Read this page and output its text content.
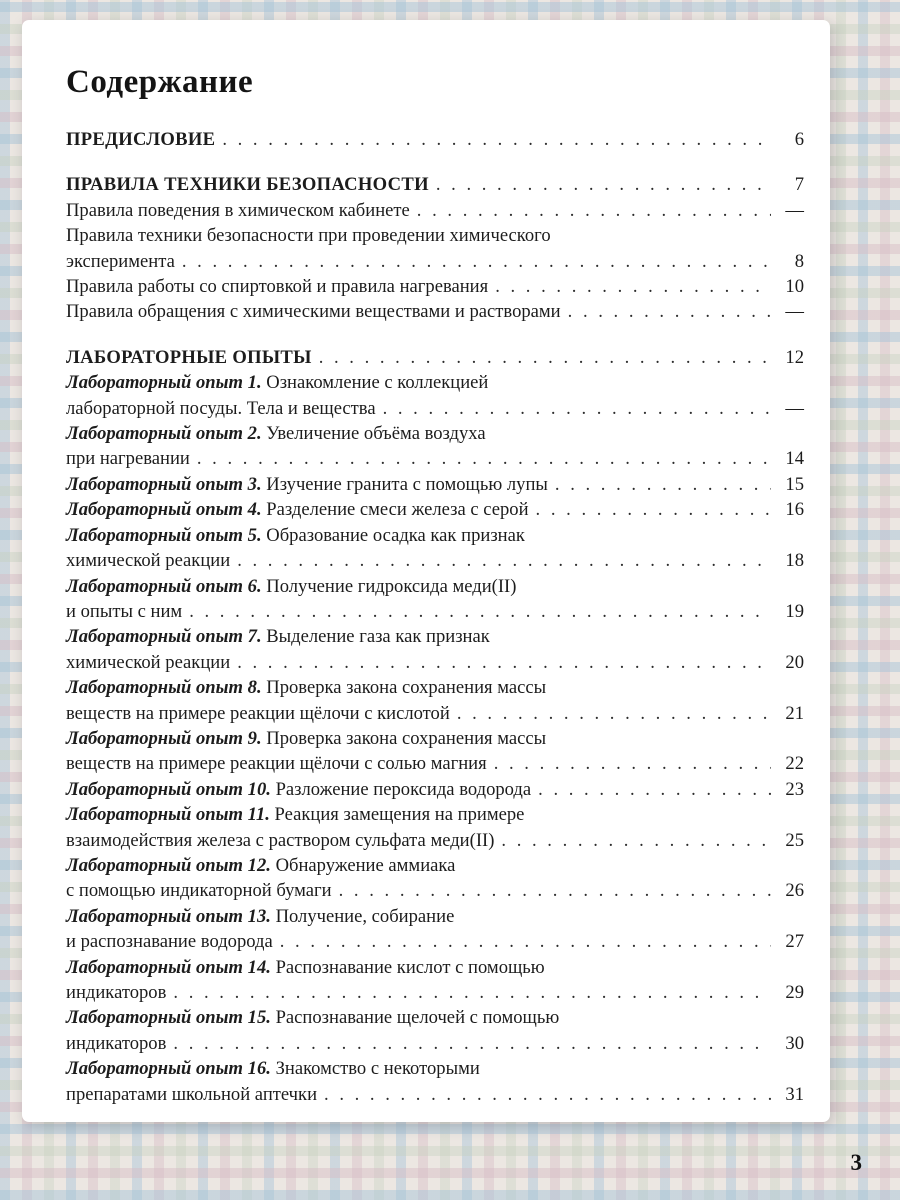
Содержание
ПРЕДИСЛОВИЕ . . .	6
ПРАВИЛА ТЕХНИКИ БЕЗОПАСНОСТИ . . .	7
Правила поведения в химическом кабинете . . .	—
Правила техники безопасности при проведении химического
эксперимента . . .	8
Правила работы со спиртовкой и правила нагревания . . .	10
Правила обращения с химическими веществами и растворами . . .	—
ЛАБОРАТОРНЫЕ ОПЫТЫ . . .	12
Лабораторный опыт 1. Ознакомление с коллекцией
лабораторной посуды. Тела и вещества . . .	—
Лабораторный опыт 2. Увеличение объёма воздуха
при нагревании . . .	14
Лабораторный опыт 3. Изучение гранита с помощью лупы . . .	15
Лабораторный опыт 4. Разделение смеси железа с серой . . .	16
Лабораторный опыт 5. Образование осадка как признак
химической реакции . . .	18
Лабораторный опыт 6. Получение гидроксида меди(II)
и опыты с ним . . .	19
Лабораторный опыт 7. Выделение газа как признак
химической реакции . . .	20
Лабораторный опыт 8. Проверка закона сохранения массы
веществ на примере реакции щёлочи с кислотой . . .	21
Лабораторный опыт 9. Проверка закона сохранения массы
веществ на примере реакции щёлочи с солью магния . . .	22
Лабораторный опыт 10. Разложение пероксида водорода . . .	23
Лабораторный опыт 11. Реакция замещения на примере
взаимодействия железа с раствором сульфата меди(II) . . .	25
Лабораторный опыт 12. Обнаружение аммиака
с помощью индикаторной бумаги . . .	26
Лабораторный опыт 13. Получение, собирание
и распознавание водорода . . .	27
Лабораторный опыт 14. Распознавание кислот с помощью
индикаторов . . .	29
Лабораторный опыт 15. Распознавание щелочей с помощью
индикаторов . . .	30
Лабораторный опыт 16. Знакомство с некоторыми
препаратами школьной аптечки . . .	31
3
